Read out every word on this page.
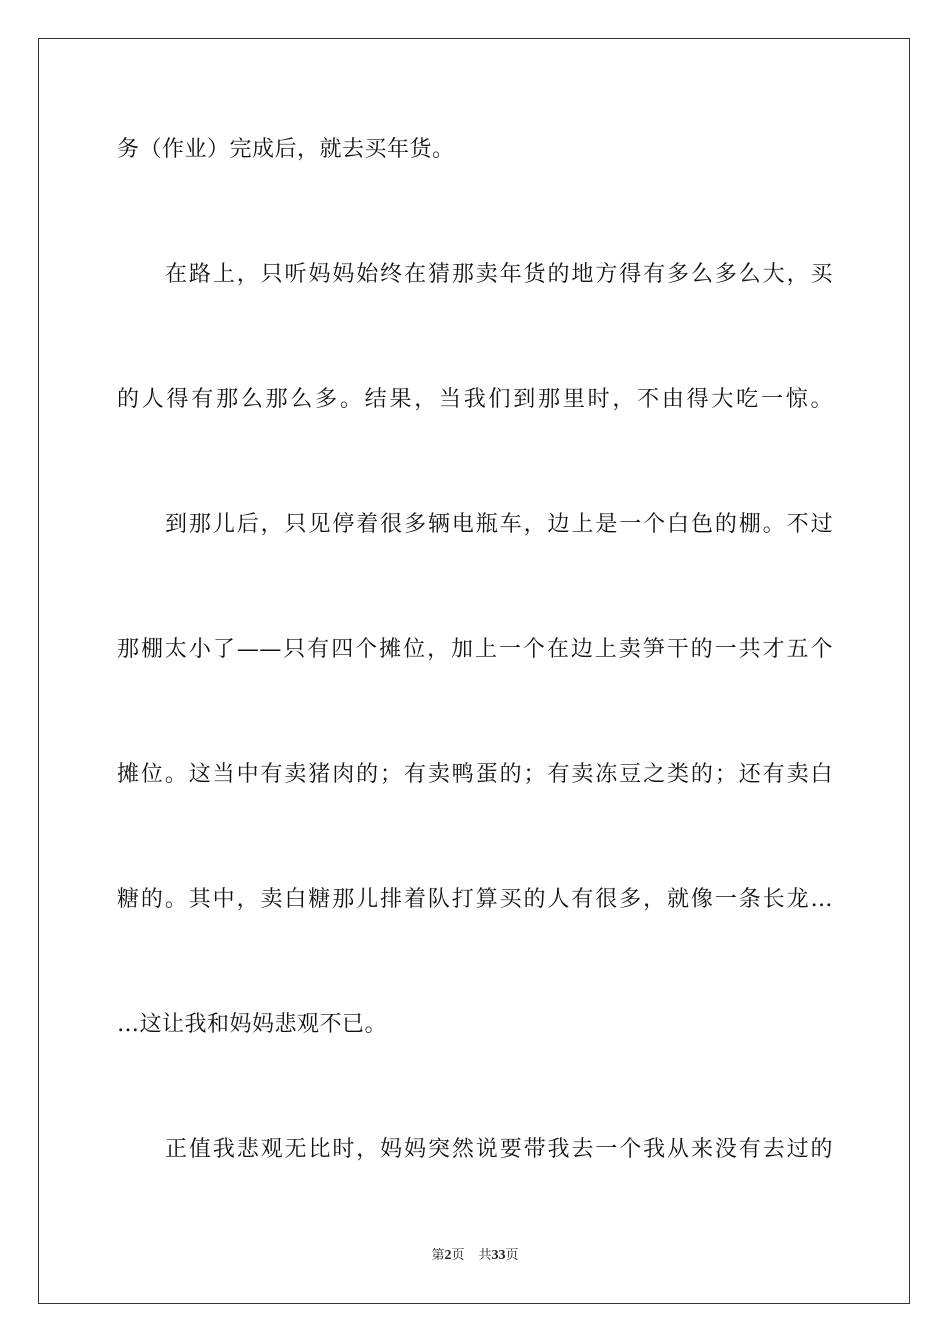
务（作业）完成后，就去买年货。
在路上，只听妈妈始终在猜那卖年货的地方得有多么多么大，买
的人得有那么那么多。结果，当我们到那里时，不由得大吃一惊。
到那儿后，只见停着很多辆电瓶车，边上是一个白色的棚。不过
那棚太小了——只有四个摊位，加上一个在边上卖笋干的一共才五个
摊位。这当中有卖猪肉的；有卖鸭蛋的；有卖冻豆之类的；还有卖白
糖的。其中，卖白糖那儿排着队打算买的人有很多，就像一条长龙…
…这让我和妈妈悲观不已。
正值我悲观无比时，妈妈突然说要带我去一个我从来没有去过的
第2页 共33页
